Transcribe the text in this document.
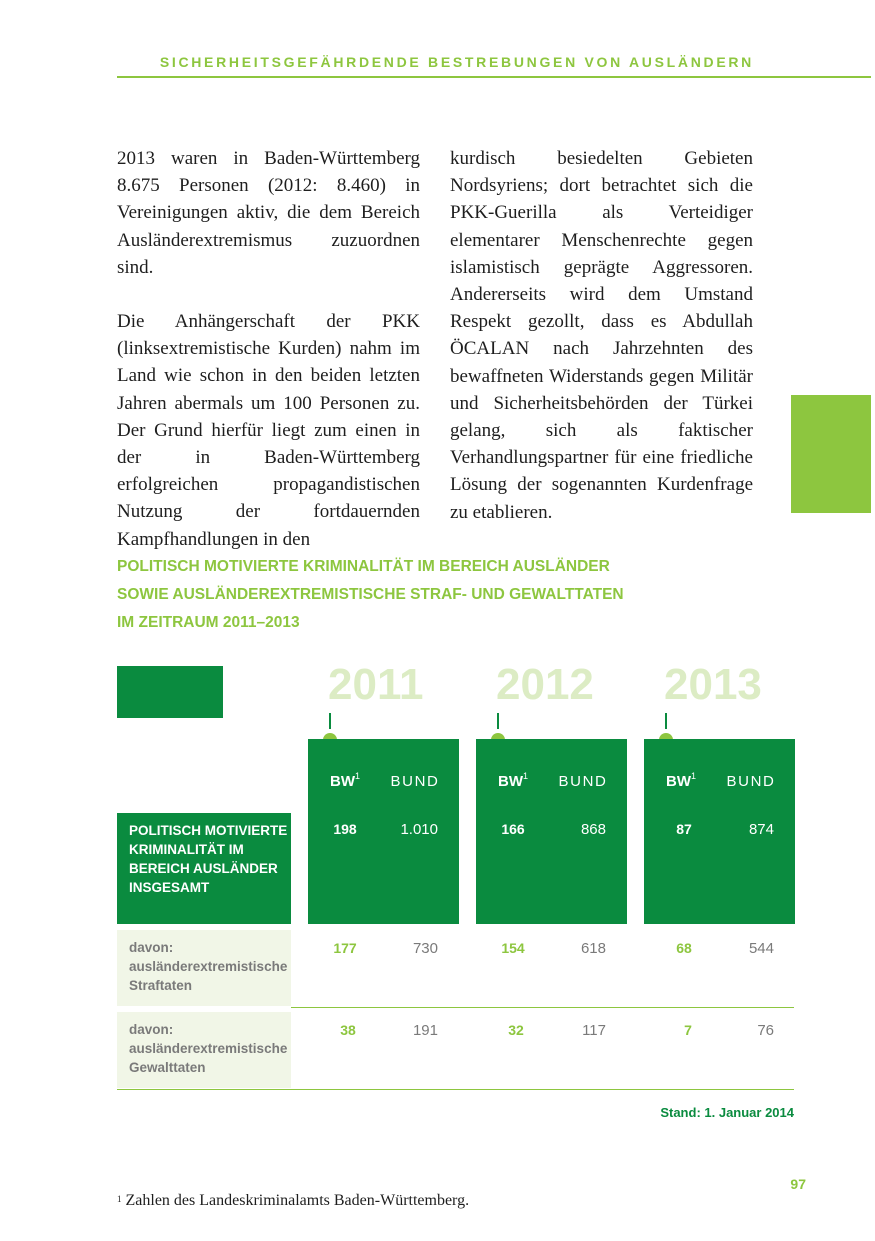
SICHERHEITSGEFÄHRDENDE BESTREBUNGEN VON AUSLÄNDERN

2013 waren in Baden-Württemberg 8.675 Personen (2012: 8.460) in Vereinigungen aktiv, die dem Bereich Ausländerextremismus zuzuordnen sind.

Die Anhängerschaft der PKK (linksextremistische Kurden) nahm im Land wie schon in den beiden letzten Jahren abermals um 100 Personen zu. Der Grund hierfür liegt zum einen in der in Baden-Württemberg erfolgreichen propagandistischen Nutzung der fortdauernden Kampfhandlungen in den

kurdisch besiedelten Gebieten Nordsyriens; dort betrachtet sich die PKK-Guerilla als Verteidiger elementarer Menschenrechte gegen islamistisch geprägte Aggressoren. Andererseits wird dem Umstand Respekt gezollt, dass es Abdullah ÖCALAN nach Jahrzehnten des bewaffneten Widerstands gegen Militär und Sicherheitsbehörden der Türkei gelang, sich als faktischer Verhandlungspartner für eine friedliche Lösung der sogenannten Kurdenfrage zu etablieren.

POLITISCH MOTIVIERTE KRIMINALITÄT IM BEREICH AUSLÄNDER
SOWIE AUSLÄNDEREXTREMISTISCHE STRAF- UND GEWALTTATEN
IM ZEITRAUM 2011–2013
2011 2012 2013
$BW^1$	BUND	$BW^1$	BUND	$BW^1$	BUND
POLITISCH MOTIVIERTE KRIMINALITÄT IM BEREICH AUSLÄNDER INSGESAMT
198	1.010	166	868	87	874
davon: ausländerextremistische Straftaten
177	730	154	618	68	544
davon: ausländerextremistische Gewalttaten
38	191	32	117	7	76
Stand: 1. Januar 2014
97
$^1$ Zahlen des Landeskriminalamts Baden-Württemberg.
